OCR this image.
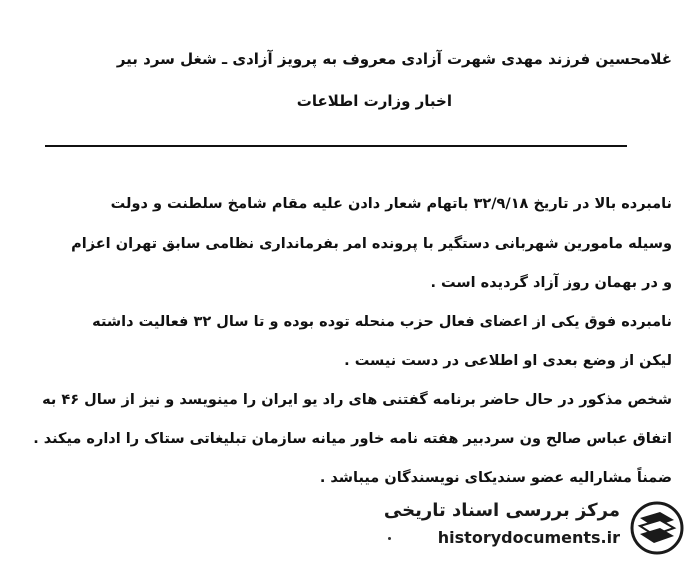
غلامحسین فرزند مهدی شهرت آزادی معروف به پرویز آزادی ـ شغل سرد بیر
اخبار وزارت اطلاعات
نامبرده بالا در تاریخ ۳۲/۹/۱۸ باتهام شعار دادن علیه مقام شامخ سلطنت و دولت
وسیله مامورین شهربانی دستگیر با پرونده امر بفرمانداری نظامی سابق تهران اعزام
و در بهمان روز آزاد گردیده است .
نامبرده فوق یکی از اعضای فعال حزب منحله توده بوده و تا سال ۳۲ فعالیت داشته
لیکن از وضع بعدی او اطلاعی در دست نیست .
شخص مذکور در حال حاضر برنامه گفتنی های راد یو ایران را مینویسد و نیز از سال ۴۶ به
اتفاق عباس صالح ون سردبیر هفته نامه خاور میانه سازمان تبلیغاتی ستاک را اداره میکند .
ضمناً مشارالیه عضو سندیکای نویسندگان میباشد .
مرکز بررسی اسناد تاریخی
historydocuments.ir
